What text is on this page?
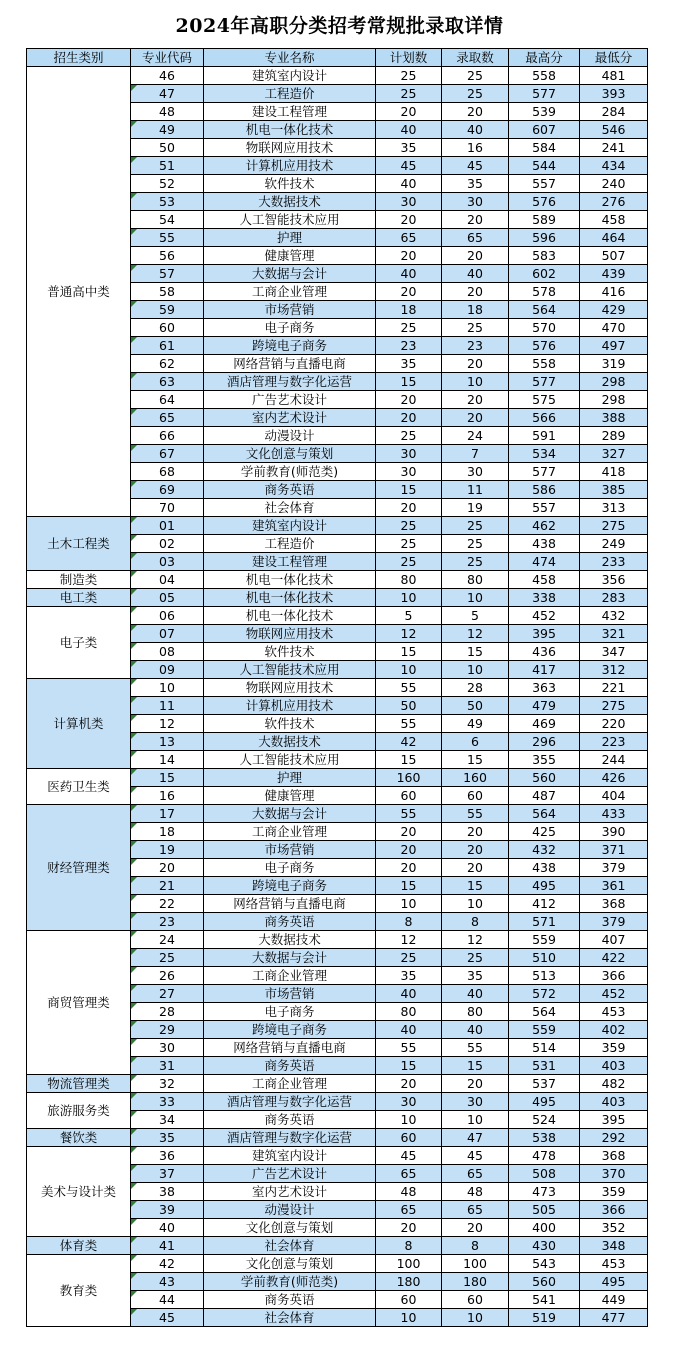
2024年高职分类招考常规批录取详情
招生类别	专业代码	专业名称	计划数	录取数	最高分	最低分
普通高中类	46	建筑室内设计	25	25	558	481
	47	工程造价	25	25	577	393
	48	建设工程管理	20	20	539	284
	49	机电一体化技术	40	40	607	546
	50	物联网应用技术	35	16	584	241
	51	计算机应用技术	45	45	544	434
	52	软件技术	40	35	557	240
	53	大数据技术	30	30	576	276
	54	人工智能技术应用	20	20	589	458
	55	护理	65	65	596	464
	56	健康管理	20	20	583	507
	57	大数据与会计	40	40	602	439
	58	工商企业管理	20	20	578	416
	59	市场营销	18	18	564	429
	60	电子商务	25	25	570	470
	61	跨境电子商务	23	23	576	497
	62	网络营销与直播电商	35	20	558	319
	63	酒店管理与数字化运营	15	10	577	298
	64	广告艺术设计	20	20	575	298
	65	室内艺术设计	20	20	566	388
	66	动漫设计	25	24	591	289
	67	文化创意与策划	30	7	534	327
	68	学前教育(师范类)	30	30	577	418
	69	商务英语	15	11	586	385
	70	社会体育	20	19	557	313
土木工程类	01	建筑室内设计	25	25	462	275
	02	工程造价	25	25	438	249
	03	建设工程管理	25	25	474	233
制造类	04	机电一体化技术	80	80	458	356
电工类	05	机电一体化技术	10	10	338	283
电子类	06	机电一体化技术	5	5	452	432
	07	物联网应用技术	12	12	395	321
	08	软件技术	15	15	436	347
	09	人工智能技术应用	10	10	417	312
计算机类	10	物联网应用技术	55	28	363	221
	11	计算机应用技术	50	50	479	275
	12	软件技术	55	49	469	220
	13	大数据技术	42	6	296	223
	14	人工智能技术应用	15	15	355	244
医药卫生类	15	护理	160	160	560	426
	16	健康管理	60	60	487	404
财经管理类	17	大数据与会计	55	55	564	433
	18	工商企业管理	20	20	425	390
	19	市场营销	20	20	432	371
	20	电子商务	20	20	438	379
	21	跨境电子商务	15	15	495	361
	22	网络营销与直播电商	10	10	412	368
	23	商务英语	8	8	571	379
商贸管理类	24	大数据技术	12	12	559	407
	25	大数据与会计	25	25	510	422
	26	工商企业管理	35	35	513	366
	27	市场营销	40	40	572	452
	28	电子商务	80	80	564	453
	29	跨境电子商务	40	40	559	402
	30	网络营销与直播电商	55	55	514	359
	31	商务英语	15	15	531	403
物流管理类	32	工商企业管理	20	20	537	482
旅游服务类	33	酒店管理与数字化运营	30	30	495	403
	34	商务英语	10	10	524	395
餐饮类	35	酒店管理与数字化运营	60	47	538	292
美术与设计类	36	建筑室内设计	45	45	478	368
	37	广告艺术设计	65	65	508	370
	38	室内艺术设计	48	48	473	359
	39	动漫设计	65	65	505	366
	40	文化创意与策划	20	20	400	352
体育类	41	社会体育	8	8	430	348
教育类	42	文化创意与策划	100	100	543	453
	43	学前教育(师范类)	180	180	560	495
	44	商务英语	60	60	541	449
	45	社会体育	10	10	519	477
